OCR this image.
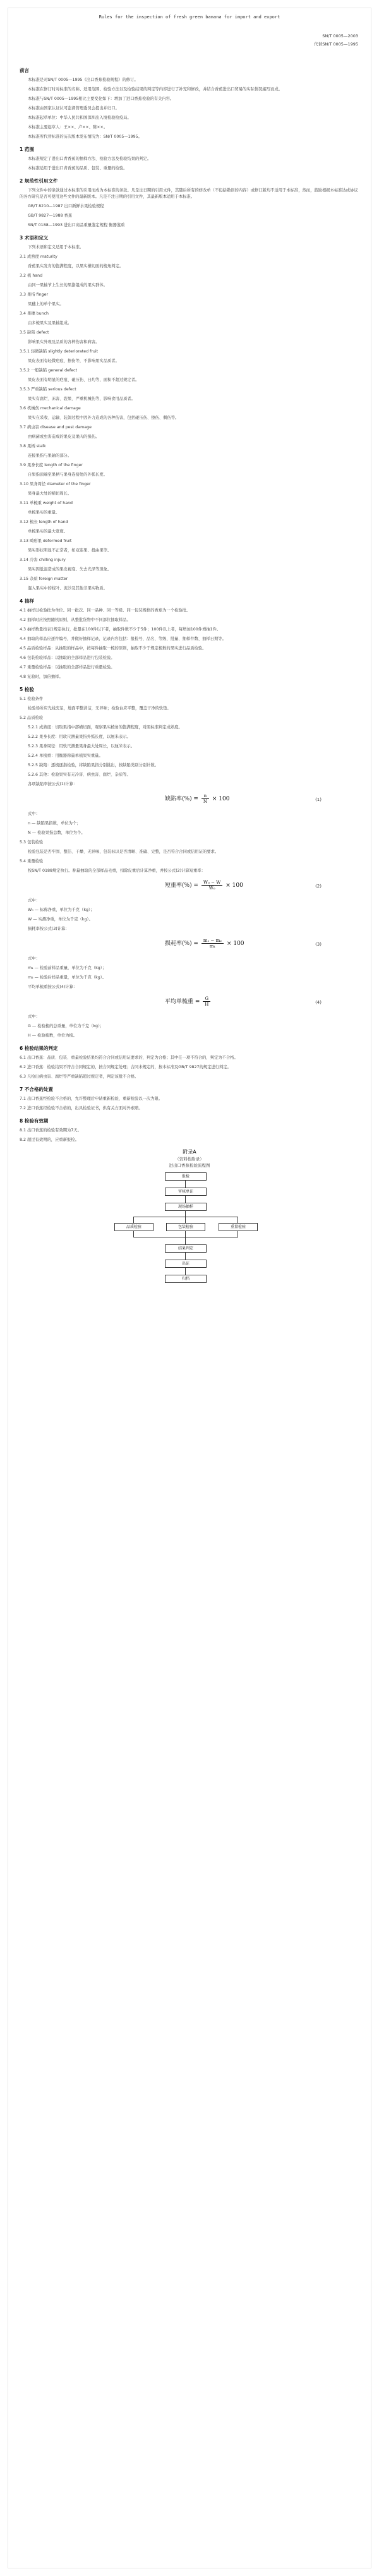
Rules for the inspection of fresh green banana for import and export
SN/T 0005—2003
代替SN/T 0005—1995
前言
本标准是对SN/T 0005—1995《出口香蕉检验规程》的修订。
本标准在修订时对标准的名称、适用范围、检验方法以及检验结果的判定等内容进行了补充和修改，并结合香蕉进出口贸易的实际情况编写而成。
本标准与SN/T 0005—1995相比主要变化如下：增加了进口香蕉检验的有关内容。
本标准由国家认证认可监督管理委员会提出并归口。
本标准起草单位：中华人民共和国深圳出入境检验检疫局。
本标准主要起草人：王××、卢××、陈××。
本标准所代替标准的历次版本发布情况为：SN/T 0005—1995。
1 范围
本标准规定了进出口青香蕉的抽样方法、检验方法及检验结果的判定。
本标准适用于进出口青香蕉的品质、包装、重量的检验。
2 规范性引用文件
下列文件中的条款通过本标准的引用而成为本标准的条款。凡是注日期的引用文件，其随后所有的修改单（不包括勘误的内容）或修订版均不适用于本标准，然而，鼓励根据本标准达成协议的各方研究是否可使用这些文件的最新版本。凡是不注日期的引用文件，其最新版本适用于本标准。
GB/T 8210—1987 出口新鲜水果检验规程
GB/T 9827—1988 香蕉
SN/T 0188—1993 进出口商品重量鉴定规程 衡器鉴重
3 术语和定义
下列术语和定义适用于本标准。
3.1 成熟度 maturity
香蕉果实发育的饱满程度，以果实横切面的棱角判定。
3.2 梳 hand
由同一果轴节上生长的果指组成的果实群体。
3.3 果指 finger
果穗上的单个果实。
3.4 果穗 bunch
由多梳果实及果轴组成。
3.5 缺陷 defect
影响果实外观及品质的各种伤害和病害。
3.5.1 轻微缺陷 slightly deteriorated fruit
果皮表面有轻微疤痕、擦伤等，不影响果实品质者。
3.5.2 一般缺陷 general defect
果皮表面有明显的疤痕、碰压伤、日灼等，面积不超过规定者。
3.5.3 严重缺陷 serious defect
果实有腐烂、冻害、裂果、严重机械伤等，影响食用品质者。
3.6 机械伤 mechanical damage
果实在采收、运输、装卸过程中因外力造成的各种伤害，包括碰压伤、擦伤、刺伤等。
3.7 病虫害 disease and pest damage
由病菌或虫害造成的果皮及果肉的损伤。
3.8 果柄 stalk
连接果指与果轴的部分。
3.9 果身长度 length of the finger
自果指顶端至果柄与果身连接处的外弧长度。
3.10 果身周径 diameter of the finger
果身最大处的横切周长。
3.11 单梳重 weight of hand
单梳果实的重量。
3.12 梳长 length of hand
单梳果实的最大宽度。
3.13 畸形果 deformed fruit
果实形状明显不正常者，如双连果、扭曲果等。
3.14 冷害 chilling injury
果实因低温造成的果皮褐变、失去光泽等现象。
3.15 杂质 foreign matter
混入果实中的枝叶、泥沙及其他非果实物质。
4 抽样
4.1 抽样以检验批为单位。同一批次、同一品种、同一等级、同一包装规格的香蕉为一个检验批。
4.2 抽样时应按照随机原则，从整批货物中不同部位抽取样品。
4.3 抽样数量按表1规定执行，批量在100件以下者，抽取件数不少于5件；100件以上者，每增加100件增抽1件。
4.4 抽取的样品应逐件编号，并做好抽样记录，记录内容包括：报检号、品名、等级、批量、抽样件数、抽样日期等。
4.5 品质检验样品：从抽取的样品中，按每件抽取一梳的原则，抽取不少于规定梳数的果实进行品质检验。
4.6 包装检验样品：以抽取的全部样品进行包装检验。
4.7 重量检验样品：以抽取的全部样品进行重量检验。
4.8 复验时，加倍抽样。
5 检验
5.1 检验条件
检验场所应光线充足，地面平整清洁，无异味；检验台应平整，覆盖干净的软垫。
5.2 品质检验
5.2.1 成熟度：切取果指中部横切面，观察果实棱角的饱满程度，对照标准判定成熟度。
5.2.2 果身长度：用软尺测量果指外弧长度，以厘米表示。
5.2.3 果身周径：用软尺测量果身最大处周长，以厘米表示。
5.2.4 单梳重：用衡器称量单梳果实重量。
5.2.5 缺陷：逐梳逐指检验，将缺陷果指分别挑出，按缺陷类别分别计数。
5.2.6 其他：检验果实有无冷害、病虫害、腐烂、杂质等。
各项缺陷率按公式(1)计算：
缺陷率(%) = $\frac{n}{N} \times 100$	(1)
式中：
n — 缺陷果指数，单位为个；
N — 检验果指总数，单位为个。
5.3 包装检验
检验包装是否牢固、整洁、干燥、无异味，包装标识是否清晰、准确、完整，是否符合合同或信用证的要求。
5.4 重量检验
按SN/T 0188规定执行。称量抽取的全部样品毛重，扣除皮重后计算净重，并按公式(2)计算短重率：
短重率(%) = $\frac{\text{W₀ − W}}{\text{W₀}} \times 100$	(2)
式中：
W₀ — 标称净重，单位为千克（kg）；
W — 实测净重，单位为千克（kg）。
损耗率按公式(3)计算：
损耗率(%) = $\frac{\text{m₁ − m₂}}{\text{m₁}} \times 100$	(3)
式中：
m₁ — 检验前样品重量，单位为千克（kg）；
m₂ — 检验后样品重量，单位为千克（kg）。
平均单梳重按公式(4)计算：
平均单梳重 = $\frac{G}{H}$	(4)
式中：
G — 检验梳的总重量，单位为千克（kg）；
H — 检验梳数，单位为梳。
6 检验结果的判定
6.1 出口香蕉：品质、包装、重量检验结果均符合合同或信用证要求的，判定为合格；其中任一项不符合的，判定为不合格。
6.2 进口香蕉：检验结果不符合合同规定的，按合同规定处理；合同未规定的，按本标准及GB/T 9827的规定进行判定。
6.3 凡检出病虫害、腐烂等严重缺陷超过规定者，判定该批不合格。
7 不合格的处置
7.1 出口香蕉经检验不合格的，允许整理后申请重新检验，重新检验以一次为限。
7.2 进口香蕉经检验不合格的，出具检验证书，供有关方面对外索赔。
8 检验有效期
8.1 出口香蕉的检验有效期为7天。
8.2 超过有效期的，应重新报检。
附录A
（资料性附录）
进出口香蕉检验流程图
报检
审核单证
现场抽样
品质检验	包装检验	重量检验
结果判定
出证
归档
